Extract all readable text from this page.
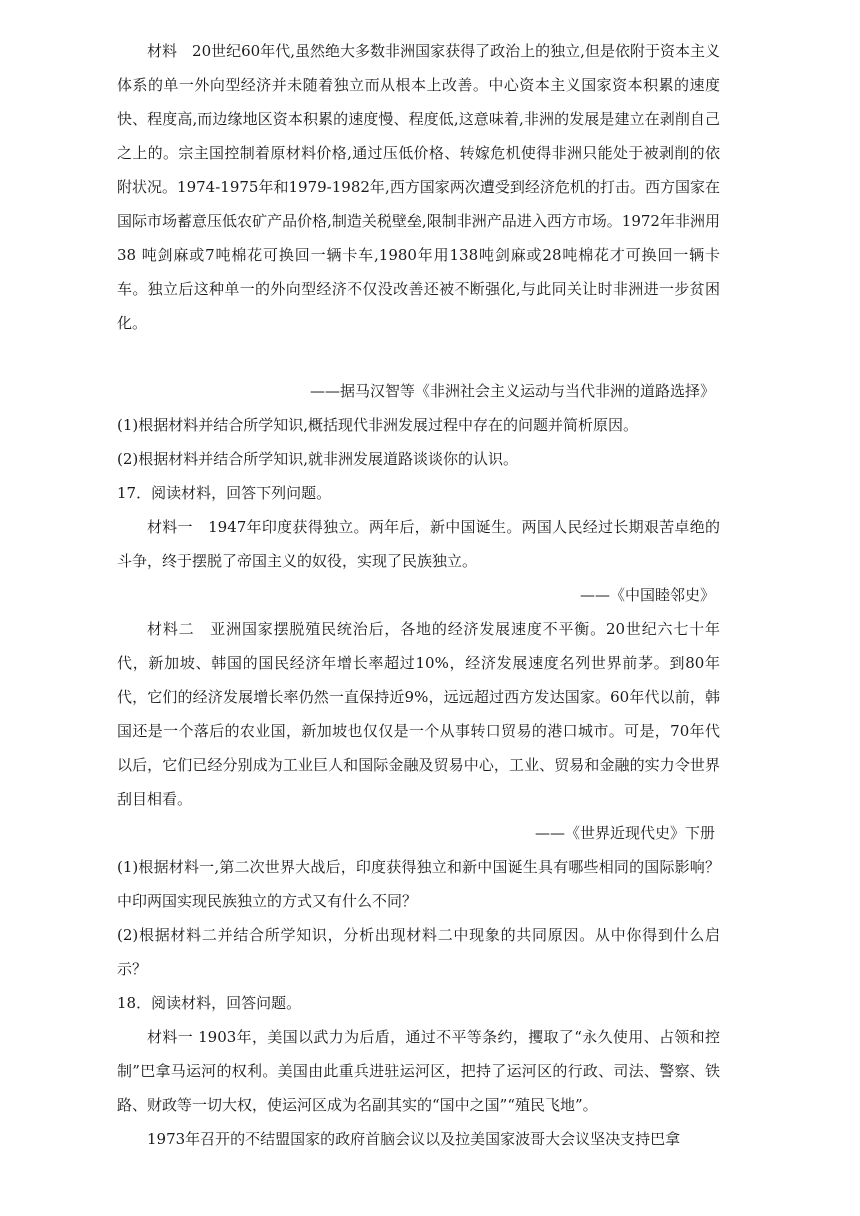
材料　20世纪60年代,虽然绝大多数非洲国家获得了政治上的独立,但是依附于资本主义体系的单一外向型经济并未随着独立而从根本上改善。中心资本主义国家资本积累的速度快、程度高,而边缘地区资本积累的速度慢、程度低,这意味着,非洲的发展是建立在剥削自己之上的。宗主国控制着原材料价格,通过压低价格、转嫁危机使得非洲只能处于被剥削的依附状况。1974-1975年和1979-1982年,西方国家两次遭受到经济危机的打击。西方国家在国际市场蓄意压低农矿产品价格,制造关税壁垒,限制非洲产品进入西方市场。1972年非洲用38 吨剑麻或7吨棉花可换回一辆卡车,1980年用138吨剑麻或28吨棉花才可换回一辆卡车。独立后这种单一的外向型经济不仅没改善还被不断强化,与此同关让时非洲进一步贫困化。

——据马汉智等《非洲社会主义运动与当代非洲的道路选择》

(1)根据材料并结合所学知识,概括现代非洲发展过程中存在的问题并简析原因。

(2)根据材料并结合所学知识,就非洲发展道路谈谈你的认识。

17．阅读材料，回答下列问题。

材料一　1947年印度获得独立。两年后，新中国诞生。两国人民经过长期艰苦卓绝的斗争，终于摆脱了帝国主义的奴役，实现了民族独立。

——《中国睦邻史》

材料二　亚洲国家摆脱殖民统治后，各地的经济发展速度不平衡。20世纪六七十年代，新加坡、韩国的国民经济年增长率超过10%，经济发展速度名列世界前茅。到80年代，它们的经济发展增长率仍然一直保持近9%，远远超过西方发达国家。60年代以前，韩国还是一个落后的农业国，新加坡也仅仅是一个从事转口贸易的港口城市。可是，70年代以后，它们已经分别成为工业巨人和国际金融及贸易中心，工业、贸易和金融的实力令世界刮目相看。

——《世界近现代史》下册

(1)根据材料一,第二次世界大战后，印度获得独立和新中国诞生具有哪些相同的国际影响？中印两国实现民族独立的方式又有什么不同？

(2)根据材料二并结合所学知识，分析出现材料二中现象的共同原因。从中你得到什么启示？

18．阅读材料，回答问题。

材料一 1903年，美国以武力为后盾，通过不平等条约，攫取了“永久使用、占领和控制”巴拿马运河的权利。美国由此重兵进驻运河区，把持了运河区的行政、司法、警察、铁路、财政等一切大权，使运河区成为名副其实的“国中之国”“殖民飞地”。

1973年召开的不结盟国家的政府首脑会议以及拉美国家波哥大会议坚决支持巴拿
